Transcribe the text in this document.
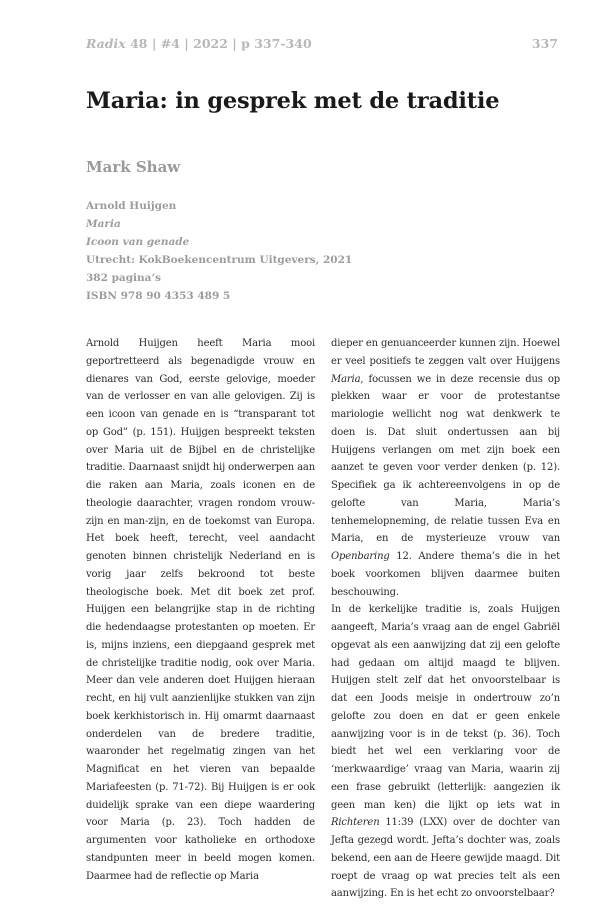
Radix 48 | #4 | 2022 | p 337-340	337
Maria: in gesprek met de traditie
Mark Shaw
Arnold Huijgen
Maria
Icoon van genade
Utrecht: KokBoekencentrum Uitgevers, 2021
382 pagina’s
ISBN 978 90 4353 489 5

Arnold Huijgen heeft Maria mooi geportretteerd als begenadigde vrouw en dienares van God, eerste gelovige, moeder van de verlosser en van alle gelovigen. Zij is een icoon van genade en is “transparant tot op God” (p. 151). Huijgen bespreekt teksten over Maria uit de Bijbel en de christelijke traditie. Daarnaast snijdt hij onderwerpen aan die raken aan Maria, zoals iconen en de theologie daarachter, vragen rondom vrouw-zijn en man-zijn, en de toekomst van Europa. Het boek heeft, terecht, veel aandacht genoten binnen christelijk Nederland en is vorig jaar zelfs bekroond tot beste theologische boek. Met dit boek zet prof. Huijgen een belangrijke stap in de richting die hedendaagse protestanten op moeten. Er is, mijns inziens, een diepgaand gesprek met de christelijke traditie nodig, ook over Maria. Meer dan vele anderen doet Huijgen hieraan recht, en hij vult aanzienlijke stukken van zijn boek kerkhistorisch in. Hij omarmt daarnaast onderdelen van de bredere traditie, waaronder het regelmatig zingen van het Magnificat en het vieren van bepaalde Mariafeesten (p. 71-72). Bij Huijgen is er ook duidelijk sprake van een diepe waardering voor Maria (p. 23). Toch hadden de argumenten voor katholieke en orthodoxe standpunten meer in beeld mogen komen. Daarmee had de reflectie op Maria

dieper en genuanceerder kunnen zijn. Hoewel er veel positiefs te zeggen valt over Huijgens Maria, focussen we in deze recensie dus op plekken waar er voor de protestantse mariologie wellicht nog wat denkwerk te doen is. Dat sluit ondertussen aan bij Huijgens verlangen om met zijn boek een aanzet te geven voor verder denken (p. 12). Specifiek ga ik achtereenvolgens in op de gelofte van Maria, Maria’s tenhemelopneming, de relatie tussen Eva en Maria, en de mysterieuze vrouw van Openbaring 12. Andere thema’s die in het boek voorkomen blijven daarmee buiten beschouwing.

In de kerkelijke traditie is, zoals Huijgen aangeeft, Maria’s vraag aan de engel Gabriël opgevat als een aanwijzing dat zij een gelofte had gedaan om altijd maagd te blijven. Huijgen stelt zelf dat het onvoorstelbaar is dat een Joods meisje in ondertrouw zo’n gelofte zou doen en dat er geen enkele aanwijzing voor is in de tekst (p. 36). Toch biedt het wel een verklaring voor de ‘merkwaardige’ vraag van Maria, waarin zij een frase gebruikt (letterlijk: aangezien ik geen man ken) die lijkt op iets wat in Richteren 11:39 (LXX) over de dochter van Jefta gezegd wordt. Jefta’s dochter was, zoals bekend, een aan de Heere gewijde maagd. Dit roept de vraag op wat precies telt als een aanwijzing. En is het echt zo onvoorstelbaar?
